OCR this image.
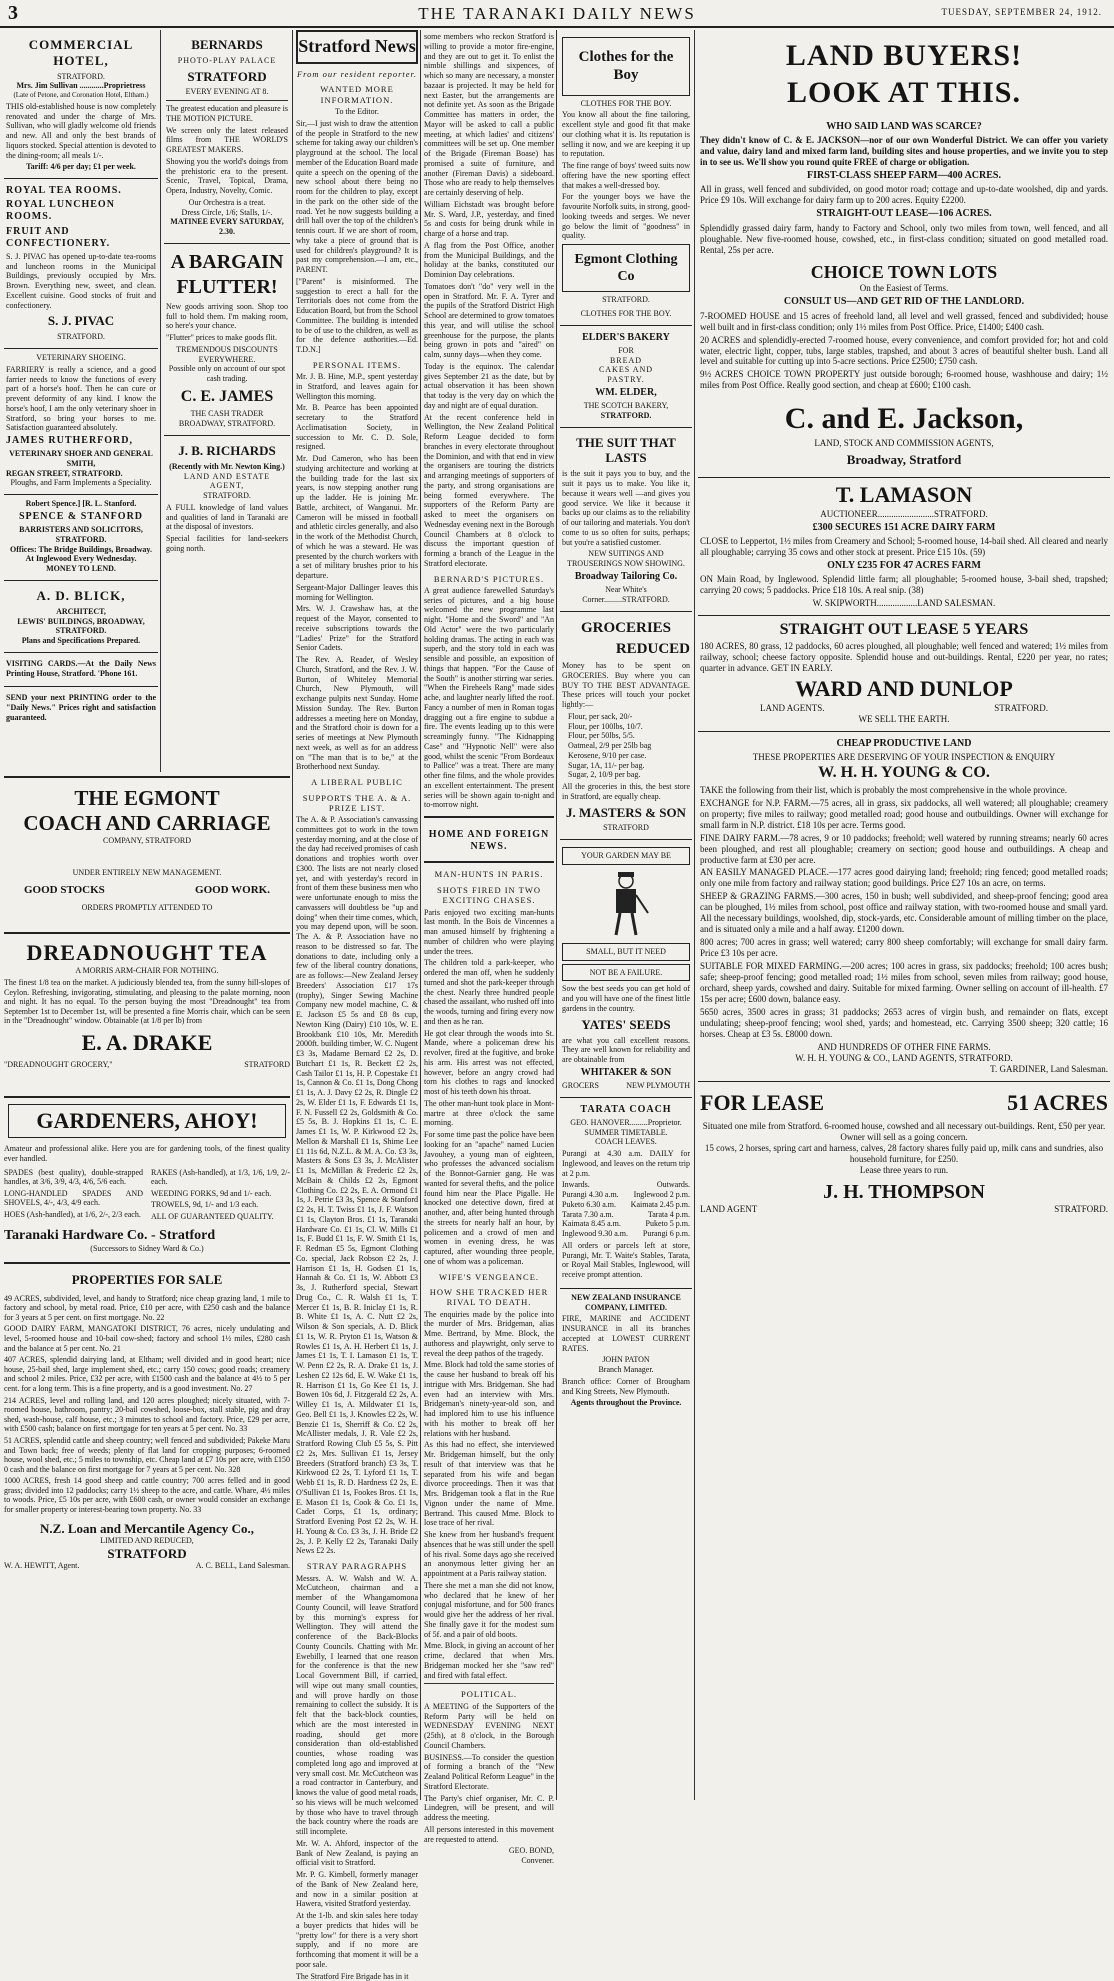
3	THE TARANAKI DAILY NEWS	TUESDAY, SEPTEMBER 24, 1912.
COMMERCIAL HOTEL,
STRATFORD.
Mrs. Jim Sullivan ............Proprietress
(Late of Petone, and Coronation Hotel, Eltham.)
THIS old-established house is now completely renovated and under the charge of Mrs. Sullivan, who will gladly welcome old friends and new. All and only the best brands of liquors stocked. Special attention is devoted to the dining-room; all meals 1/-.
Tariff: 4/6 per day; £1 per week.
ROYAL TEA ROOMS.
ROYAL LUNCHEON ROOMS.
FRUIT AND CONFECTIONERY.
S. J. PIVAC has opened up-to-date tea-rooms and luncheon rooms in the Municipal Buildings, previously occupied by Mrs. Brown. Everything new, sweet, and clean. Excellent cuisine. Good stocks of fruit and confectionery.
S. J. PIVAC
STRATFORD.
VETERINARY SHOEING.
FARRIERY is really a science, and a good farrier needs to know the functions of every part of a horse's hoof. Then he can cure or prevent deformity of any kind. I know the horse's hoof, I am the only veterinary shoer in Stratford, so bring your horses to me. Satisfaction guaranteed absolutely.
JAMES RUTHERFORD,
VETERINARY SHOER AND GENERAL SMITH,
REGAN STREET, STRATFORD.
Ploughs, and Farm Implements a Speciality.
Robert Spence.] [R. L. Stanford.
SPENCE & STANFORD
BARRISTERS AND SOLICITORS, STRATFORD.
Offices: The Bridge Buildings, Broadway.
At Inglewood Every Wednesday.
MONEY TO LEND.
A. D. BLICK,
ARCHITECT,
LEWIS' BUILDINGS, BROADWAY, STRATFORD.
Plans and Specifications Prepared.
VISITING CARDS.—At the Daily News Printing House, Stratford. 'Phone 161.
SEND your next PRINTING order to the "Daily News." Prices right and satisfaction guaranteed.
BERNARDS
PHOTO-PLAY PALACE
STRATFORD
EVERY EVENING AT 8.
The greatest education and pleasure is THE MOTION PICTURE.
We screen only the latest released films from THE WORLD'S GREATEST MAKERS.
Showing you the world's doings from the prehistoric era to the present. Scenic, Travel, Topical, Drama, Opera, Industry, Novelty, Comic.
Our Orchestra is a treat.
Dress Circle, 1/6; Stalls, 1/-.
MATINEE EVERY SATURDAY, 2.30.
A BARGAIN
FLUTTER!
New goods arriving soon. Shop too full to hold them. I'm making room, so here's your chance.
"Flutter" prices to make goods flit.
TREMENDOUS DISCOUNTS EVERYWHERE.
Possible only on account of our spot cash trading.
C. E. JAMES
THE CASH TRADER
BROADWAY, STRATFORD.
J. B. RICHARDS
(Recently with Mr. Newton King.)
LAND AND ESTATE AGENT,
STRATFORD.
A FULL knowledge of land values and qualities of land in Taranaki are at the disposal of investors.
Special facilities for land-seekers going north.
THE EGMONT
COACH AND CARRIAGE
COMPANY, STRATFORD
UNDER ENTIRELY NEW MANAGEMENT.
GOOD STOCKS	GOOD WORK.
ORDERS PROMPTLY ATTENDED TO
DREADNOUGHT TEA
A MORRIS ARM-CHAIR FOR NOTHING.
The finest 1/8 tea on the market. A judiciously blended tea, from the sunny hill-slopes of Ceylon. Refreshing, invigorating, stimulating, and pleasing to the palate morning, noon and night. It has no equal. To the person buying the most "Dreadnought" tea from September 1st to December 1st, will be presented a fine Morris chair, which can be seen in the "Dreadnought" window. Obtainable (at 1/8 per lb) from
E. A. DRAKE
"DREADNOUGHT GROCERY,"	STRATFORD
GARDENERS, AHOY!
Amateur and professional alike. Here you are for gardening tools, of the finest quality ever handled.
SPADES (best quality), double-strapped handles, at 3/6, 3/9, 4/3, 4/6, 5/6 each.
LONG-HANDLED SPADES AND SHOVELS, 4/-, 4/3, 4/9 each.
HOES (Ash-handled), at 1/6, 2/-, 2/3 each.
RAKES (Ash-handled), at 1/3, 1/6, 1/9, 2/- each.
WEEDING FORKS, 9d and 1/- each.
TROWELS, 9d, 1/- and 1/3 each.
ALL OF GUARANTEED QUALITY.
Taranaki Hardware Co. - Stratford
(Successors to Sidney Ward & Co.)
PROPERTIES FOR SALE
49 ACRES, subdivided, level, and handy to Stratford; nice cheap grazing land, 1 mile to factory and school, by metal road. Price, £10 per acre, with £250 cash and the balance for 3 years at 5 per cent. on first mortgage. No. 22
GOOD DAIRY FARM, MANGATOKI DISTRICT, 76 acres, nicely undulating and level, 5-roomed house and 10-bail cow-shed; factory and school 1½ miles, £280 cash and the balance at 5 per cent. No. 21
407 ACRES, splendid dairying land, at Eltham; well divided and in good heart; nice house, 25-bail shed, large implement shed, etc.; carry 150 cows; good roads; creamery and school 2 miles. Price, £32 per acre, with £1500 cash and the balance at 4½ to 5 per cent. for a long term. This is a fine property, and is a good investment. No. 27
214 ACRES, level and rolling land, and 120 acres ploughed; nicely situated, with 7-roomed house, bathroom, pantry; 20-bail cowshed, loose-box, stall stable, pig and dray shed, wash-house, calf house, etc.; 3 minutes to school and factory. Price, £29 per acre, with £500 cash; balance on first mortgage for ten years at 5 per cent. No. 33
51 ACRES, splendid cattle and sheep country; well fenced and subdivided; Pakeke Maru and Town back; free of weeds; plenty of flat land for cropping purposes; 6-roomed house, wool shed, etc.; 5 miles to township, etc. Cheap land at £7 10s per acre, with £150 0 cash and the balance on first mortgage for 7 years at 5 per cent. No. 328
1000 ACRES, fresh 14 good sheep and cattle country; 700 acres felled and in good grass; divided into 12 paddocks; carry 1½ sheep to the acre, and cattle. Whare, 4½ miles to woods. Price, £5 10s per acre, with £600 cash, or owner would consider an exchange for smaller property or interest-bearing town property. No. 33
N.Z. Loan and Mercantile Agency Co.,
LIMITED AND REDUCED,
STRATFORD
W. A. HEWITT, Agent.	A. C. BELL, Land Salesman.
Stratford News
From our resident reporter.
WANTED MORE INFORMATION.
To the Editor.
Sir,—I just wish to draw the attention of the people in Stratford to the new scheme for taking away our children's playground at the school. The local member of the Education Board made quite a speech on the opening of the new school about there being no room for the children to play, except in the park on the other side of the road. Yet he now suggests building a drill hall over the top of the children's tennis court. If we are short of room, why take a piece of ground that is used for children's playground? It is past my comprehension.—I am, etc., PARENT.
["Parent" is misinformed. The suggestion to erect a hall for the Territorials does not come from the Education Board, but from the School Committee. The building is intended to be of use to the children, as well as for the defence authorities.—Ed. T.D.N.]
PERSONAL ITEMS.
Mr. J. B. Hine, M.P., spent yesterday in Stratford, and leaves again for Wellington this morning.
Mr. B. Pearce has been appointed secretary to the Stratford Acclimatisation Society, in succession to Mr. C. D. Sole, resigned.
Mr. Dud Cameron, who has been studying architecture and working at the building trade for the last six years, is now stepping another rung up the ladder. He is joining Mr. Battle, architect, of Wanganui. Mr. Cameron will be missed in football and athletic circles generally, and also in the work of the Methodist Church, of which he was a steward. He was presented by the church workers with a set of military brushes prior to his departure.
Sergeant-Major Dallinger leaves this morning for Wellington.
Mrs. W. J. Crawshaw has, at the request of the Mayor, consented to receive subscriptions towards the "Ladies' Prize" for the Stratford Senior Cadets.
The Rev. A. Reader, of Wesley Church, Stratford, and the Rev. J. W. Burton, of Whiteley Memorial Church, New Plymouth, will exchange pulpits next Sunday. Home Mission Sunday. The Rev. Burton addresses a meeting here on Monday, and the Stratford choir is down for a series of meetings at New Plymouth next week, as well as for an address on "The man that is to be," at the Brotherhood next Sunday.
A LIBERAL PUBLIC
SUPPORTS THE A. & A. PRIZE LIST.
The A. & P. Association's canvassing committees got to work in the town yesterday morning, and at the close of the day had received promises of cash donations and trophies worth over £300. The lists are not nearly closed yet, and with yesterday's record in front of them these business men who were unfortunate enough to miss the canvassers will doubtless be "up and doing" when their time comes, which, you may depend upon, will be soon. The A. & P. Association have no reason to be distressed so far. The donations to date, including only a few of the liberal country donations, are as follows:—New Zealand Jersey Breeders' Association £17 17s (trophy), Singer Sewing Machine Company new model machine, C. & E. Jackson £5 5s and £8 8s cup, Newton King (Dairy) £10 10s, W. E. Brookbank £10 10s, Mr. Meredith 2000ft. building timber, W. C. Nugent £3 3s, Madame Bernard £2 2s, D. Butchart £1 1s, R. Beckett £2 2s, Cash Tailor £1 1s, H. P. Copestake £1 1s, Cannon & Co. £1 1s, Dong Chong £1 1s, A. J. Davy £2 2s, R. Dingle £2 2s, W. Elder £1 1s, F. Edwards £1 1s, F. N. Fussell £2 2s, Goldsmith & Co. £5 5s, B. J. Hopkins £1 1s, C. E. James £1 1s, W. P. Kirkwood £2 2s, Mellon & Marshall £1 1s, Shime Lee £1 11s 6d, N.Z.L. & M. A. Co. £3 3s, Masters & Sons £3 3s, J. McAlister £1 1s, McMillan & Frederic £2 2s, McBain & Childs £2 2s, Egmont Clothing Co. £2 2s, E. A. Ormond £1 1s, J. Petrie £3 3s, Spence & Stanford £2 2s, H. T. Twiss £1 1s, J. F. Watson £1 1s, Clayton Bros. £1 1s, Taranaki Hardware Co. £1 1s, Cl. W. Mills £1 1s, F. Budd £1 1s, F. W. Smith £1 1s, F. Redman £5 5s, Egmont Clothing Co. special, Jack Robson £2 2s, J. Harrison £1 1s, H. Godsen £1 1s, Hannah & Co. £1 1s, W. Abbott £3 3s, J. Rutherford special, Stewart Drug Co., C. R. Walsh £1 1s, T. Mercer £1 1s, B. R. Iniclay £1 1s, R. B. White £1 1s, A. C. Nutt £2 2s, Wilson & Son specials, A. D. Blick £1 1s, W. R. Pryton £1 1s, Watson & Rowles £1 1s, A. H. Herbert £1 1s, J. James £1 1s, T. I. Lamason £1 1s, T. W. Penn £2 2s, R. A. Drake £1 1s, J. Leshen £2 12s 6d, E. W. Wake £1 1s, R. Harrison £1 1s, Go Kee £1 1s, J. Bowen 10s 6d, J. Fitzgerald £2 2s, A. Willey £1 1s, A. Mildwater £1 1s, Geo. Bell £1 1s, J. Knowles £2 2s, W. Benzie £1 1s, Sherriff & Co. £2 2s, McAllister medals, J. R. Vale £2 2s, Stratford Rowing Club £5 5s, S. Pitt £2 2s, Mrs. Sullivan £1 1s, Jersey Breeders (Stratford branch) £3 3s, T. Kirkwood £2 2s, T. Lyford £1 1s, T. Webb £1 1s, R. D. Hardness £2 2s, E. O'Sullivan £1 1s, Fookes Bros. £1 1s, E. Mason £1 1s, Cook & Co. £1 1s, Cadet Corps, £1 1s, ordinary; Stratford Evening Post £2 2s, W. H. H. Young & Co. £3 3s, J. H. Bride £2 2s, J. P. Kelly £2 2s, Taranaki Daily News £2 2s.
STRAY PARAGRAPHS
Messrs. A. W. Walsh and W. A. McCutcheon, chairman and a member of the Whangamomona County Council, will leave Stratford by this morning's express for Wellington. They will attend the conference of the Back-Blocks County Councils. Chatting with Mr. Ewebilly, I learned that one reason for the conference is that the new Local Government Bill, if carried, will wipe out many small counties, and will prove hardly on those remaining to collect the subsidy. It is felt that the back-block counties, which are the most interested in roading, should get more consideration than old-established counties, whose roading was completed long ago and improved at very small cost. Mr. McCutcheon was a road contractor in Canterbury, and knows the value of good metal roads, so his views will be much welcomed by those who have to travel through the back country where the roads are still incomplete.
Mr. W. A. Ahford, inspector of the Bank of New Zealand, is paying an official visit to Stratford.
Mr. P. G. Kimbell, formerly manager of the Bank of New Zealand here, and now in a similar position at Hawera, visited Stratford yesterday.
At the 1-lb. and skin sales here today a buyer predicts that hides will be "pretty low" for there is a very short supply, and if no more are forthcoming that moment it will be a poor sale.
The Stratford Fire Brigade has in it
some members who reckon Stratford is willing to provide a motor fire-engine, and they are out to get it. To enlist the nimble shillings and sixpences, of which so many are necessary, a monster bazaar is projected. It may be held for next Easter, but the arrangements are not definite yet. As soon as the Brigade Committee has matters in order, the Mayor will be asked to call a public meeting, at which ladies' and citizens' committees will be set up. One member of the Brigade (Fireman Boase) has promised a suite of furniture, and another (Fireman Davis) a sideboard. Those who are ready to help themselves are certainly deserving of help.
William Eichstadt was brought before Mr. S. Ward, J.P., yesterday, and fined 5s and costs for being drunk while in charge of a horse and trap.
A flag from the Post Office, another from the Municipal Buildings, and the holiday at the banks, constituted our Dominion Day celebrations.
Tomatoes don't "do" very well in the open in Stratford. Mr. F. A. Tyrer and the pupils of the Stratford District High School are determined to grow tomatoes this year, and will utilise the school greenhouse for the purpose, the plants being grown in pots and "aired" on calm, sunny days—when they come.
Today is the equinox. The calendar gives September 21 as the date, but by actual observation it has been shown that today is the very day on which the day and night are of equal duration.
At the recent conference held in Wellington, the New Zealand Political Reform League decided to form branches in every electorate throughout the Dominion, and with that end in view the organisers are touring the districts and arranging meetings of supporters of the party, and strong organisations are being formed everywhere. The supporters of the Reform Party are asked to meet the organisers on Wednesday evening next in the Borough Council Chambers at 8 o'clock to discuss the important question of forming a branch of the League in the Stratford electorate.
BERNARD'S PICTURES.
A great audience farewelled Saturday's series of pictures, and a big house welcomed the new programme last night. "Home and the Sword" and "An Old Actor" were the two particularly holding dramas. The acting in each was superb, and the story told in each was sensible and possible, an exposition of things that happen. "For the Cause of the South" is another stirring war series. "When the Fireheels Rang" made sides ache, and laughter nearly lifted the roof. Fancy a number of men in Roman togas dragging out a fire engine to subdue a fire. The events leading up to this were screamingly funny. "The Kidnapping Case" and "Hypnotic Nell" were also good, whilst the scenic "From Bordeaux to Pallice" was a treat. There are many other fine films, and the whole provides an excellent entertainment. The present series will be shown again to-night and to-morrow night.
HOME AND FOREIGN NEWS.
MAN-HUNTS IN PARIS.
SHOTS FIRED IN TWO EXCITING CHASES.
Paris enjoyed two exciting man-hunts last month. In the Bois de Vincennes a man amused himself by frightening a number of children who were playing under the trees.
The children told a park-keeper, who ordered the man off, when he suddenly turned and shot the park-keeper through the chest. Nearly three hundred people chased the assailant, who rushed off into the woods, turning and firing every now and then as he ran.
He got clear through the woods into St. Mande, where a policeman drew his revolver, fired at the fugitive, and broke his arm. His arrest was not effected, however, before an angry crowd had torn his clothes to rags and knocked most of his teeth down his throat.
The other man-hunt took place in Mont-martre at three o'clock the same morning.
For some time past the police have been looking for an "apache" named Lucien Javouhey, a young man of eighteen, who professes the advanced socialism of the Bonnot-Garnier gang. He was wanted for several thefts, and the police found him near the Place Pigalle. He knocked one detective down, fired at another, and, after being hunted through the streets for nearly half an hour, by policemen and a crowd of men and women in evening dress, he was captured, after wounding three people, one of whom was a policeman.
WIFE'S VENGEANCE.
HOW SHE TRACKED HER RIVAL TO DEATH.
The enquiries made by the police into the murder of Mrs. Bridgeman, alias Mme. Bertrand, by Mme. Block, the authoress and playwright, only serve to reveal the deep pathos of the tragedy.
Mme. Block had told the same stories of the cause her husband to break off his intrigue with Mrs. Bridgeman. She had even had an interview with Mrs. Bridgeman's ninety-year-old son, and had implored him to use his influence with his mother to break off her relations with her husband.
As this had no effect, she interviewed Mr. Bridgeman himself, but the only result of that interview was that he separated from his wife and began divorce proceedings. Then it was that Mrs. Bridgeman took a flat in the Rue Vignon under the name of Mme. Bertrand. This caused Mme. Block to lose trace of her rival.
She knew from her husband's frequent absences that he was still under the spell of his rival. Some days ago she received an anonymous letter giving her an appointment at a Paris railway station.
There she met a man she did not know, who declared that he knew of her conjugal misfortune, and for 500 francs would give her the address of her rival. She finally gave it for the modest sum of 5f. and a pair of old boots.
Mme. Block, in giving an account of her crime, declared that when Mrs. Bridgeman mocked her she "saw red" and fired with fatal effect.
POLITICAL.
A MEETING of the Supporters of the Reform Party will be held on WEDNESDAY EVENING NEXT (25th), at 8 o'clock, in the Borough Council Chambers.
BUSINESS.—To consider the question of forming a branch of the "New Zealand Political Reform League" in the Stratford Electorate.
The Party's chief organiser, Mr. C. P. Lindegren, will be present, and will address the meeting.
All persons interested in this movement are requested to attend.
GEO. BOND,
Convener.
Clothes for the Boy
CLOTHES FOR THE BOY.
You know all about the fine tailoring, excellent style and good fit that make our clothing what it is. Its reputation is selling it now, and we are keeping it up to reputation.
The fine range of boys' tweed suits now offering have the new sporting effect that makes a well-dressed boy.
For the younger boys we have the favourite Norfolk suits, in strong, good-looking tweeds and serges. We never go below the limit of "goodness" in quality.
Egmont Clothing Co
STRATFORD.
CLOTHES FOR THE BOY.
ELDER'S BAKERY
FOR
BREAD
CAKES AND
PASTRY.
WM. ELDER,
THE SCOTCH BAKERY,
STRATFORD.
THE SUIT THAT LASTS
is the suit it pays you to buy, and the suit it pays us to make. You like it, because it wears well —and gives you good service. We like it because it backs up our claims as to the reliability of our tailoring and materials. You don't come to us so often for suits, perhaps; but you're a satisfied customer.
NEW SUITINGS AND TROUSERINGS NOW SHOWING.
Broadway Tailoring Co.
Near White's Corner.........STRATFORD.
GROCERIES
REDUCED
Money has to be spent on GROCERIES. Buy where you can BUY TO THE BEST ADVANTAGE. These prices will touch your pocket lightly:—
Flour, per sack, 20/-
Flour, per 100lbs, 10/7.
Flour, per 50lbs, 5/5.
Oatmeal, 2/9 per 25lb bag
Kerosene, 9/10 per case.
Sugar, 1A, 11/- per bag.
Sugar, 2, 10/9 per bag.
All the groceries in this, the best store in Stratford, are equally cheap.
J. MASTERS & SON
STRATFORD
YOUR GARDEN MAY BE
SMALL, BUT IT NEED
NOT BE A FAILURE.
Sow the best seeds you can get hold of and you will have one of the finest little gardens in the country.
YATES' SEEDS
are what you call excellent reasons. They are well known for reliability and are obtainable from
WHITAKER & SON
GROCERS	NEW PLYMOUTH
TARATA COACH
GEO. HANOVER.........Proprietor.
SUMMER TIMETABLE.
COACH LEAVES.
Purangi at 4.30 a.m. DAILY for Inglewood, and leaves on the return trip at 2 p.m.
Inwards.	Outwards.
Purangi 4.30 a.m. Inglewood 2 p.m.
Puketo 6.30 a.m. Kaimata 2.45 p.m.
Tarata 7.30 a.m.	Tarata 4 p.m.
Kaimata 8.45 a.m.	Puketo 5 p.m.
Inglewood 9.30 a.m. Purangi 6 p.m.
All orders or parcels left at store, Purangi, Mr. T. Waite's Stables, Tarata, or Royal Mail Stables, Inglewood, will receive prompt attention.
NEW ZEALAND INSURANCE COMPANY, LIMITED.
FIRE, MARINE and ACCIDENT INSURANCE in all its branches accepted at LOWEST CURRENT RATES.
JOHN PATON
Branch Manager.
Branch office: Corner of Brougham and King Streets, New Plymouth.
Agents throughout the Province.
LAND BUYERS!
LOOK AT THIS.
WHO SAID LAND WAS SCARCE?
They didn't know of C. & E. JACKSON—nor of our own Wonderful District. We can offer you variety and value, dairy land and mixed farm land, building sites and house properties, and we invite you to step in to see us. We'll show you round quite FREE of charge or obligation.
FIRST-CLASS SHEEP FARM—400 ACRES.
All in grass, well fenced and subdivided, on good motor road; cottage and up-to-date woolshed, dip and yards. Price £9 10s. Will exchange for dairy farm up to 200 acres. Equity £2200.
STRAIGHT-OUT LEASE—106 ACRES.
Splendidly grassed dairy farm, handy to Factory and School, only two miles from town, well fenced, and all ploughable. New five-roomed house, cowshed, etc., in first-class condition; situated on good metalled road. Rental, 25s per acre.
CHOICE TOWN LOTS
On the Easiest of Terms.
CONSULT US—AND GET RID OF THE LANDLORD.
7-ROOMED HOUSE and 15 acres of freehold land, all level and well grassed, fenced and subdivided; house well built and in first-class condition; only 1½ miles from Post Office. Price, £1400; £400 cash.
20 ACRES and splendidly-erected 7-roomed house, every convenience, and comfort provided for; hot and cold water, electric light, copper, tubs, large stables, trapshed, and about 3 acres of beautiful shelter bush. Land all level and suitable for cutting up into 5-acre sections. Price £2500; £750 cash.
9½ ACRES CHOICE TOWN PROPERTY just outside borough; 6-roomed house, washhouse and dairy; 1½ miles from Post Office. Really good section, and cheap at £600; £100 cash.
C. and E. Jackson,
LAND, STOCK AND COMMISSION AGENTS,
Broadway, Stratford
T. LAMASON
AUCTIONEER.........................STRATFORD.
£300 SECURES 151 ACRE DAIRY FARM
CLOSE to Leppertot, 1½ miles from Creamery and School; 5-roomed house, 14-bail shed. All cleared and nearly all ploughable; carrying 35 cows and other stock at present. Price £15 10s. (59)
ONLY £235 FOR 47 ACRES FARM
ON Main Road, by Inglewood. Splendid little farm; all ploughable; 5-roomed house, 3-bail shed, trapshed; carrying 20 cows; 5 paddocks. Price £18 10s. A real snip. (38)
W. SKIPWORTH..................LAND SALESMAN.
STRAIGHT OUT LEASE 5 YEARS
180 ACRES, 80 grass, 12 paddocks, 60 acres ploughed, all ploughable; well fenced and watered; 1½ miles from railway, school; cheese factory opposite. Splendid house and out-buildings. Rental, £220 per year, no rates; quarter in advance. GET IN EARLY.
WARD AND DUNLOP
LAND AGENTS.	STRATFORD.
WE SELL THE EARTH.
CHEAP PRODUCTIVE LAND
THESE PROPERTIES ARE DESERVING OF YOUR INSPECTION & ENQUIRY
W. H. H. YOUNG & CO.
TAKE the following from their list, which is probably the most comprehensive in the whole province.
EXCHANGE for N.P. FARM.—75 acres, all in grass, six paddocks, all well watered; all ploughable; creamery on property; five miles to railway; good metalled road; good house and outbuildings. Owner will exchange for small farm in N.P. district. £18 10s per acre. Terms good.
FINE DAIRY FARM.—78 acres, 9 or 10 paddocks; freehold; well watered by running streams; nearly 60 acres been ploughed, and rest all ploughable; creamery on section; good house and outbuildings. A cheap and productive farm at £30 per acre.
AN EASILY MANAGED PLACE.—177 acres good dairying land; freehold; ring fenced; good metalled roads; only one mile from factory and railway station; good buildings. Price £27 10s an acre, on terms.
SHEEP & GRAZING FARMS.—300 acres, 150 in bush; well subdivided, and sheep-proof fencing; good area can be ploughed, 1½ miles from school, post office and railway station, with two-roomed house and small yard. All the necessary buildings, woolshed, dip, stock-yards, etc. Considerable amount of milling timber on the place, and is situated only a mile and a half away. £1200 down.
800 acres; 700 acres in grass; well watered; carry 800 sheep comfortably; will exchange for small dairy farm. Price £3 10s per acre.
SUITABLE FOR MIXED FARMING.—200 acres; 100 acres in grass, six paddocks; freehold; 100 acres bush; safe; sheep-proof fencing; good metalled road; 1½ miles from school, seven miles from railway; good house, orchard, sheep yards, cowshed and dairy. Suitable for mixed farming. Owner selling on account of ill-health. £7 15s per acre; £600 down, balance easy.
5650 acres, 3500 acres in grass; 31 paddocks; 2653 acres of virgin bush, and remainder on flats, except undulating; sheep-proof fencing; wool shed, yards; and homestead, etc. Carrying 3500 sheep; 320 cattle; 16 horses. Cheap at £3 5s. £8000 down.
AND HUNDREDS OF OTHER FINE FARMS.
W. H. H. YOUNG & CO., LAND AGENTS, STRATFORD.
T. GARDINER, Land Salesman.
FOR LEASE	51 ACRES
Situated one mile from Stratford. 6-roomed house, cowshed and all necessary out-buildings. Rent, £50 per year.
Owner will sell as a going concern.
15 cows, 2 horses, spring cart and harness, calves, 28 factory shares fully paid up, milk cans and sundries, also household furniture, for £250.
Lease three years to run.
J. H. THOMPSON
LAND AGENT	STRATFORD.
